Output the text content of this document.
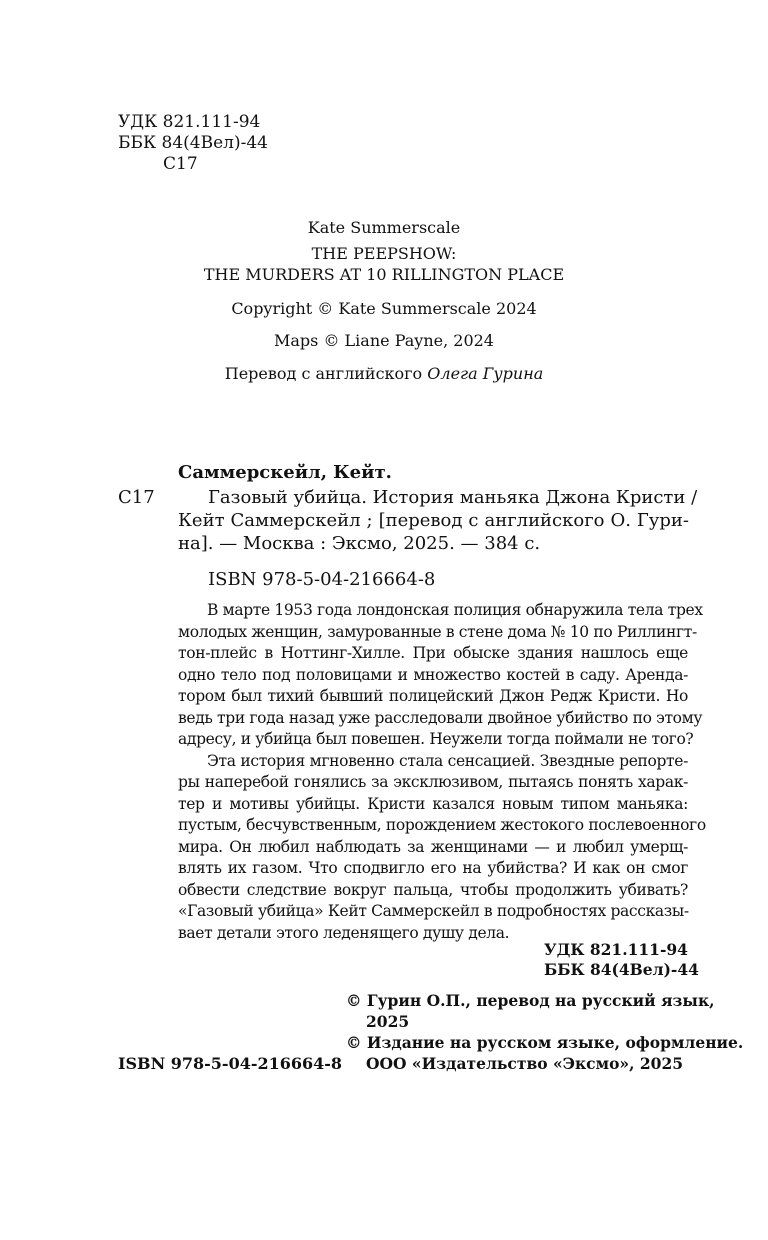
УДК 821.111-94
ББК 84(4Вел)-44
С17
Kate Summerscale
THE PEEPSHOW:
THE MURDERS AT 10 RILLINGTON PLACE
Copyright © Kate Summerscale 2024
Maps © Liane Payne, 2024
Перевод с английского Олега Гурина
Саммерскейл, Кейт.
С17	Газовый убийца. История маньяка Джона Кристи /
Кейт Саммерскейл ; [перевод с английского О. Гури-
на]. — Москва : Эксмо, 2025. — 384 с.
ISBN 978-5-04-216664-8
В марте 1953 года лондонская полиция обнаружила тела трех
молодых женщин, замурованные в стене дома № 10 по Риллингт-
тон-плейс в Ноттинг-Хилле. При обыске здания нашлось еще
одно тело под половицами и множество костей в саду. Аренда-
тором был тихий бывший полицейский Джон Редж Кристи. Но
ведь три года назад уже расследовали двойное убийство по этому
адресу, и убийца был повешен. Неужели тогда поймали не того?
Эта история мгновенно стала сенсацией. Звездные репорте-
ры наперебой гонялись за эксклюзивом, пытаясь понять харак-
тер и мотивы убийцы. Кристи казался новым типом маньяка:
пустым, бесчувственным, порождением жестокого послевоенного
мира. Он любил наблюдать за женщинами — и любил умерщ-
влять их газом. Что сподвигло его на убийства? И как он смог
обвести следствие вокруг пальца, чтобы продолжить убивать?
«Газовый убийца» Кейт Саммерскейл в подробностях рассказы-
вает детали этого леденящего душу дела.
УДК 821.111-94
ББК 84(4Вел)-44
© Гурин О.П., перевод на русский язык,
2025
© Издание на русском языке, оформление.
ООО «Издательство «Эксмо», 2025
ISBN 978-5-04-216664-8
